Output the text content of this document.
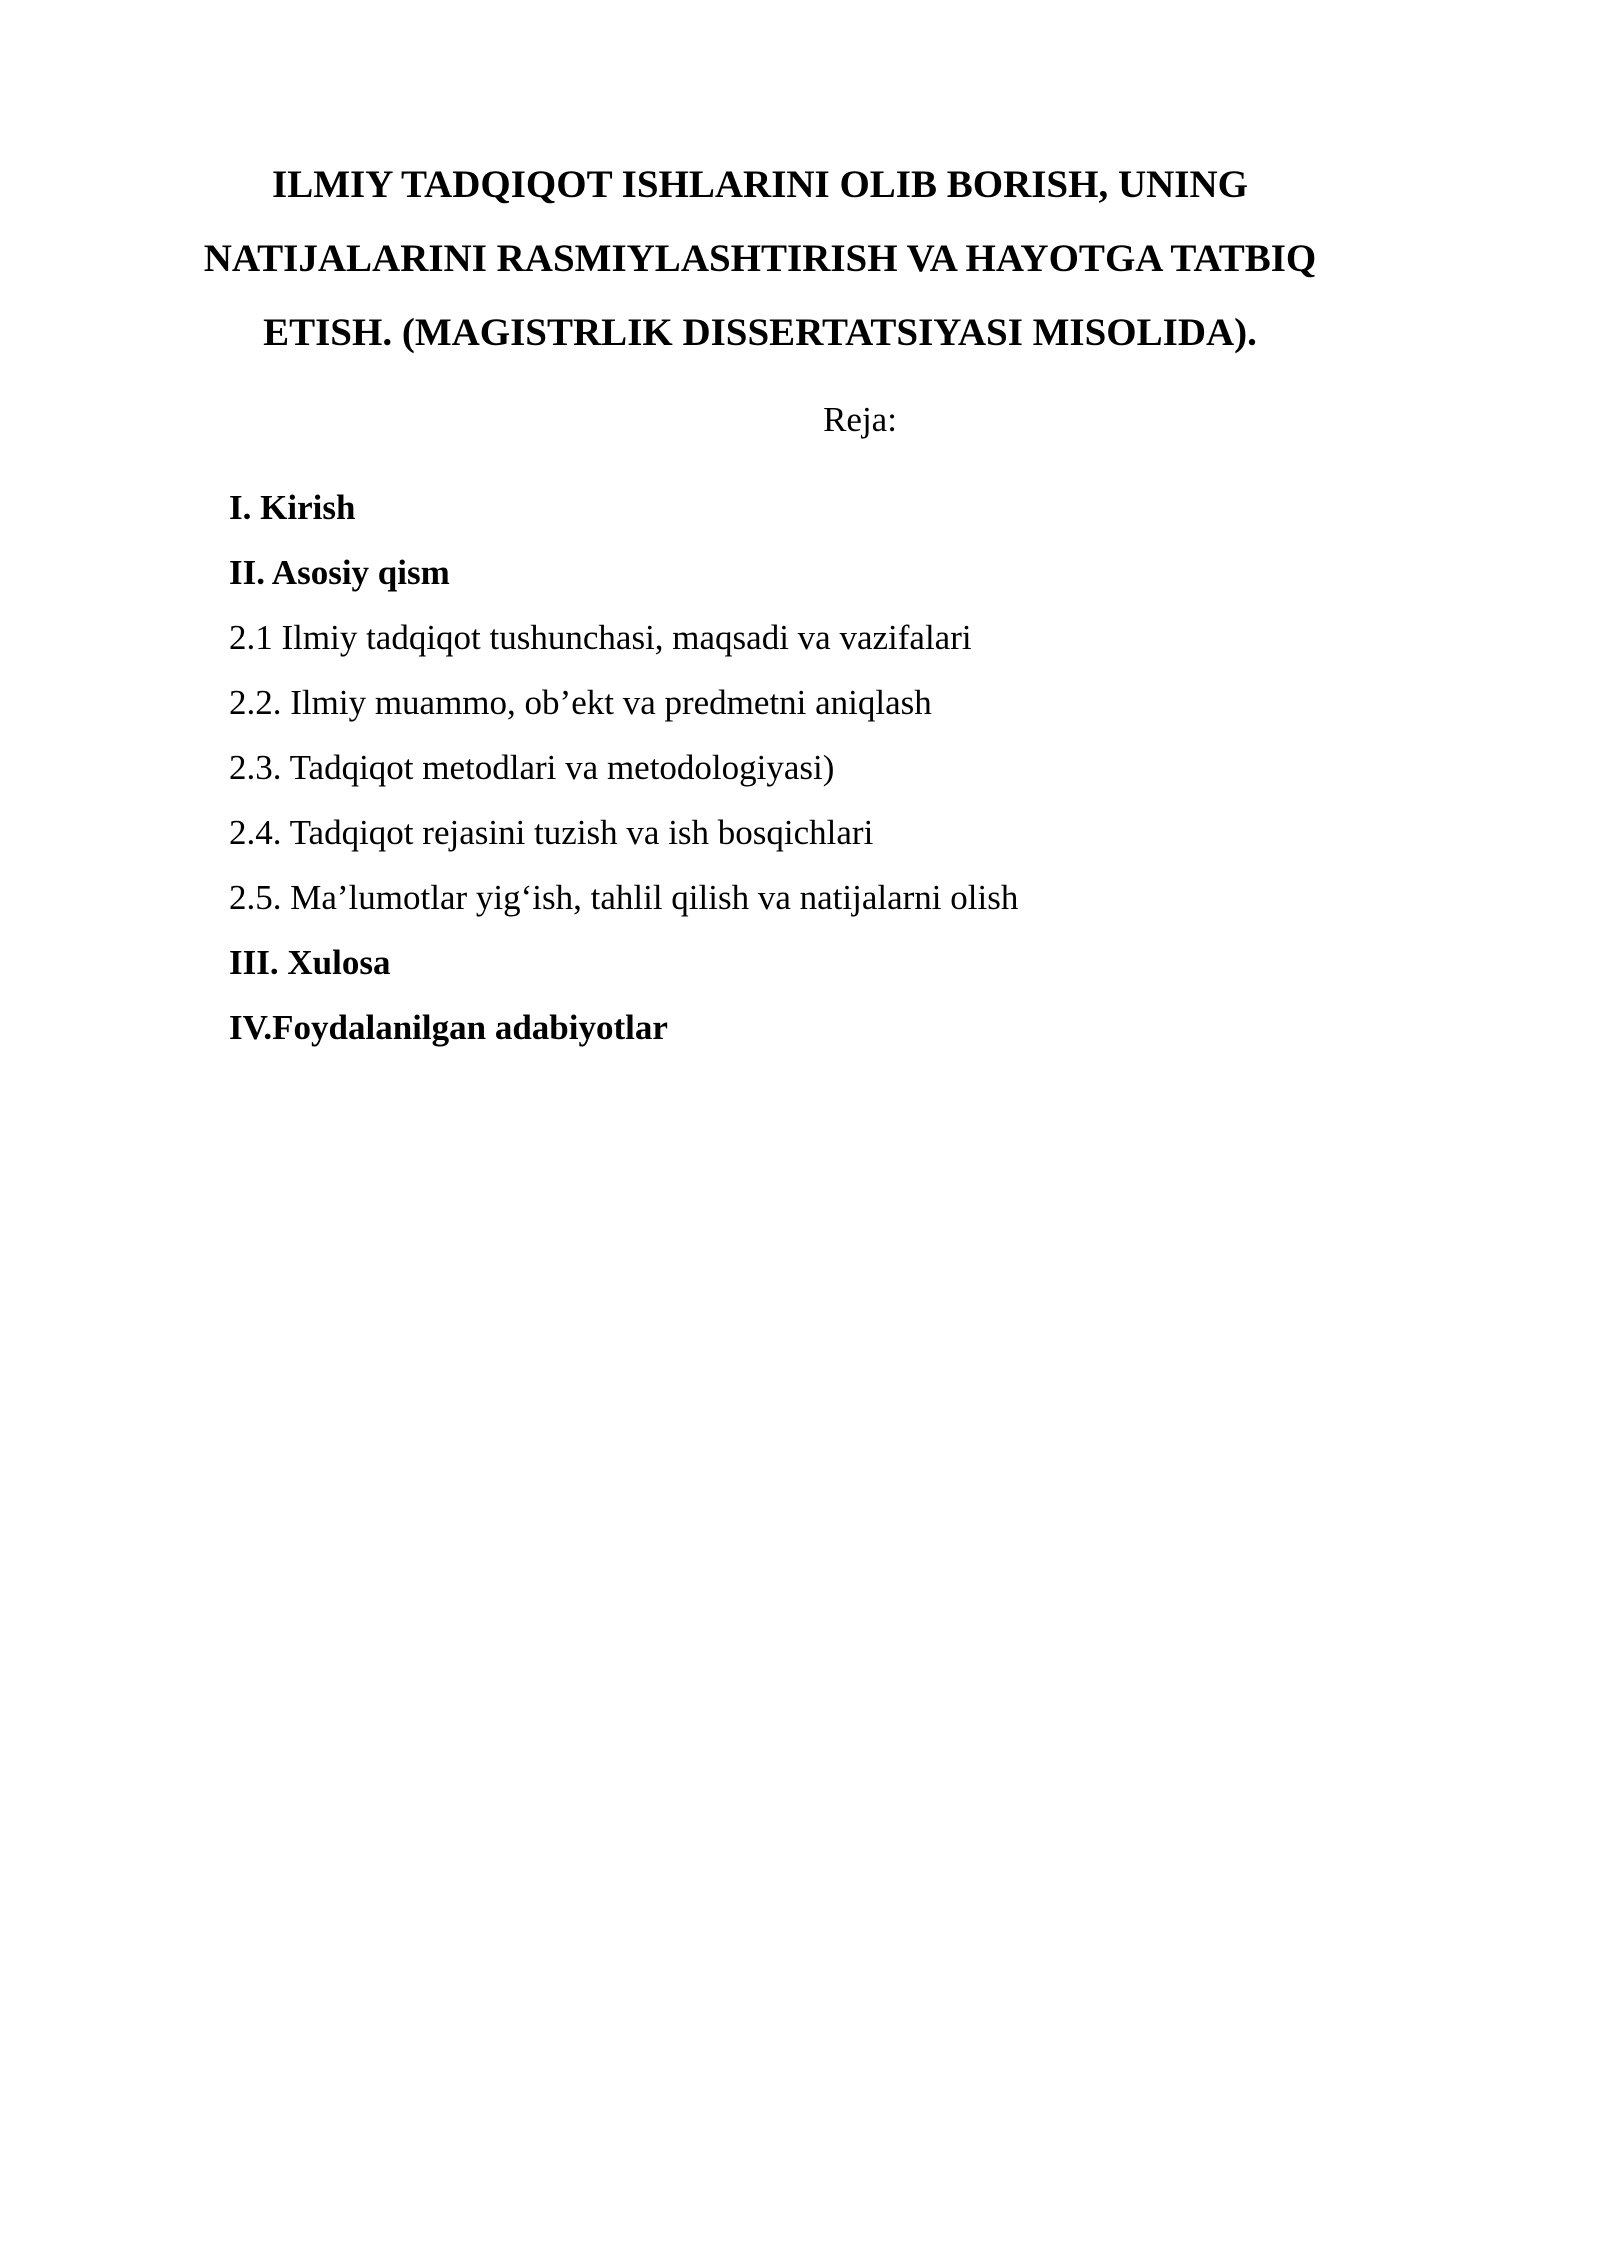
ILMIY TADQIQOT ISHLARINI OLIB BORISH, UNING
NATIJALARINI RASMIYLASHTIRISH VA HAYOTGA TATBIQ
ETISH. (MAGISTRLIK DISSERTATSIYASI MISOLIDA).

Reja:

I. Kirish
II. Asosiy qism
2.1 Ilmiy tadqiqot tushunchasi, maqsadi va vazifalari
2.2. Ilmiy muammo, ob’ekt va predmetni aniqlash
2.3. Tadqiqot metodlari va metodologiyasi)
2.4. Tadqiqot rejasini tuzish va ish bosqichlari
2.5. Ma’lumotlar yig‘ish, tahlil qilish va natijalarni olish
III. Xulosa
IV.Foydalanilgan adabiyotlar
